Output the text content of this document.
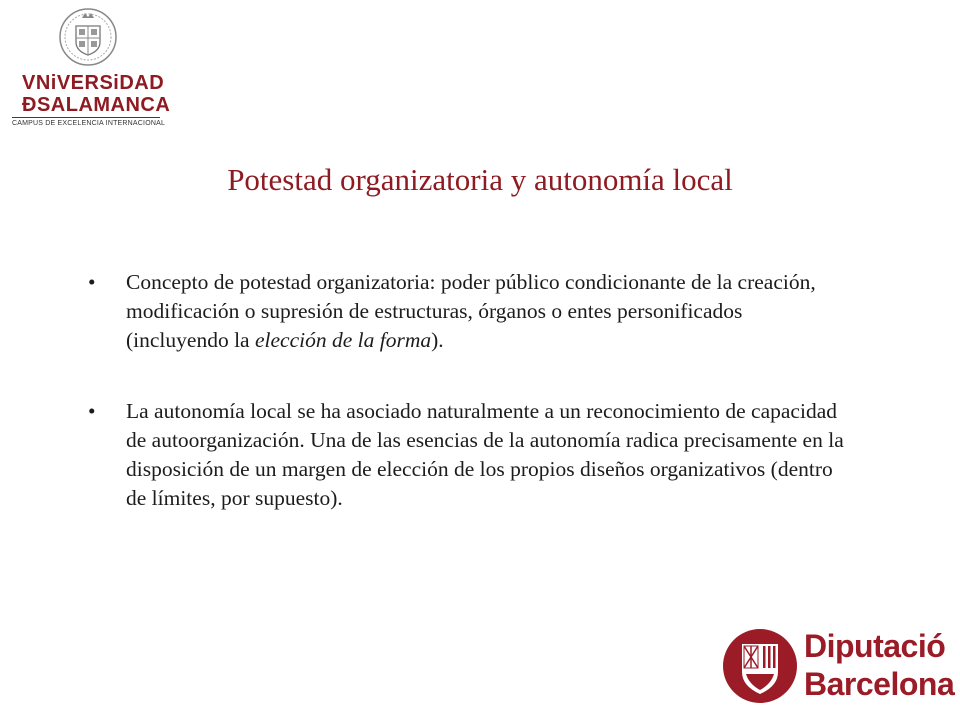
VNiVERSiDAD
ÐSALAMANCA
CAMPUS DE EXCELENCIA INTERNACIONAL
Potestad organizatoria y autonomía local
• Concepto de potestad organizatoria: poder público condicionante de la creación, modificación o supresión de estructuras, órganos o entes personificados (incluyendo la elección de la forma).
• La autonomía local se ha asociado naturalmente a un reconocimiento de capacidad de autoorganización. Una de las esencias de la autonomía radica precisamente en la disposición de un margen de elección de los propios diseños organizativos (dentro de límites, por supuesto).
Diputació
Barcelona
